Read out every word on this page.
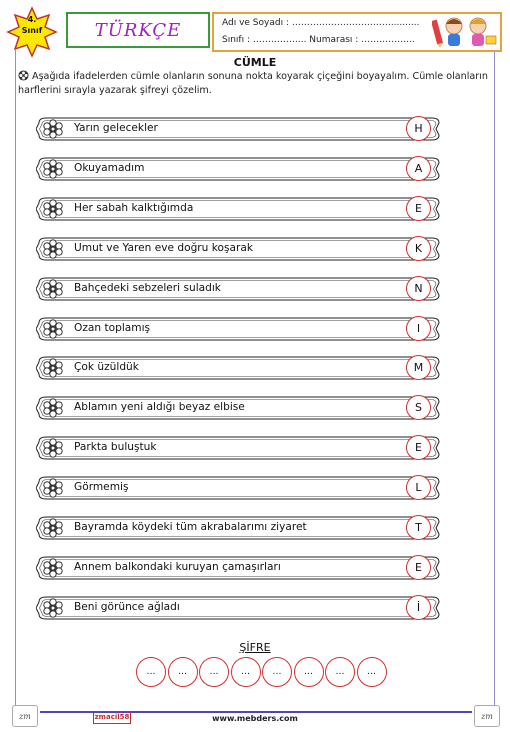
4.
Sınıf	TÜRKÇE	Adı ve Soyadı : ……………………………..........
Sınıfı : ……………... Numarası : ……………...
CÜMLE
Aşağıda ifadelerden cümle olanların sonuna nokta koyarak çiçeğini boyayalım. Cümle olanların harflerini sırayla yazarak şifreyi çözelim.
Yarın gelecekler	H
Okuyamadım	A
Her sabah kalktığımda	E
Umut ve Yaren eve doğru koşarak	K
Bahçedeki sebzeleri suladık	N
Ozan toplamış	I
Çok üzüldük	M
Ablamın yeni aldığı beyaz elbise	S
Parkta buluştuk	E
Görmemiş	L
Bayramda köydeki tüm akrabalarımı ziyaret	T
Annem balkondaki kuruyan çamaşırları	E
Beni görünce ağladı	İ
ŞİFRE
…	…	…	…	…	…	…	…
zmacil58	www.mebders.com
zm	zm
